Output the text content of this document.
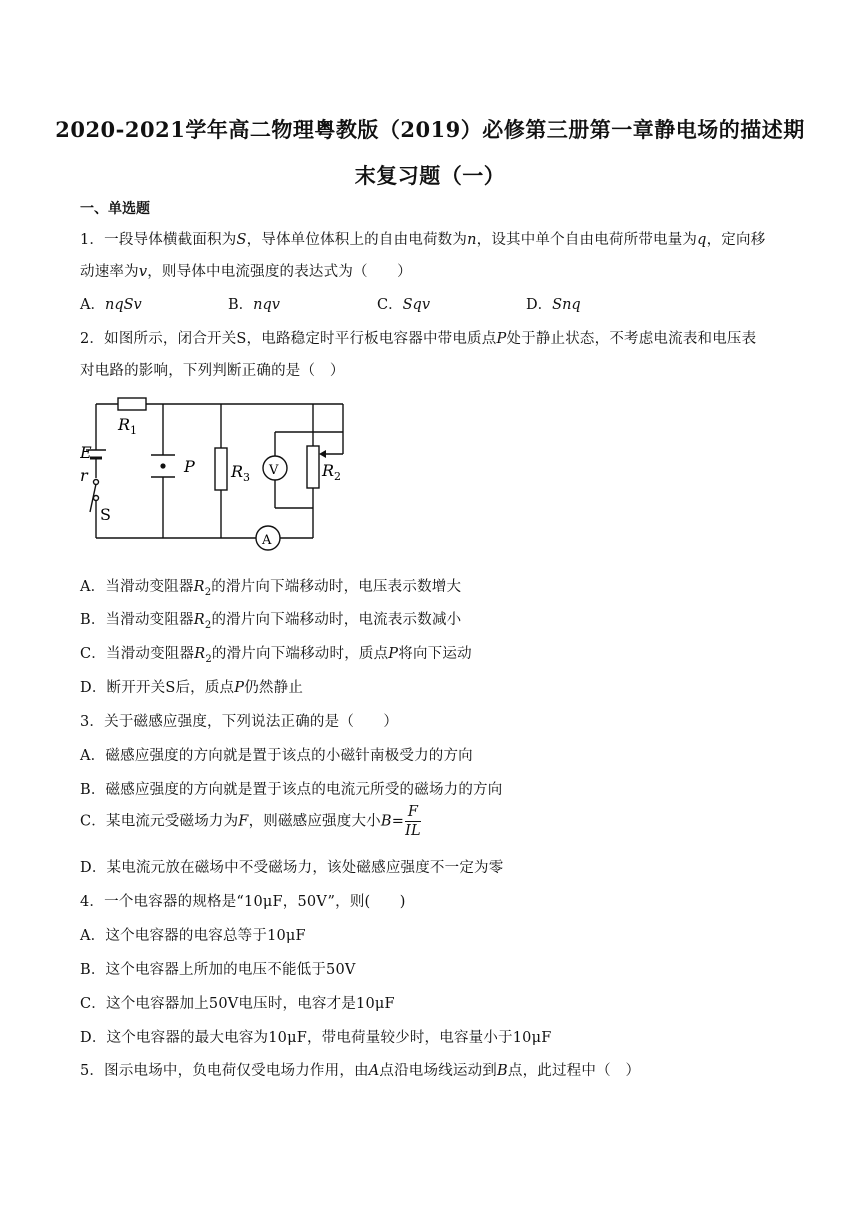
2020-2021学年高二物理粤教版（2019）必修第三册第一章静电场的描述期
末复习题（一）
一、单选题
1．一段导体横截面积为S，导体单位体积上的自由电荷数为n，设其中单个自由电荷所带电量为q，定向移
动速率为v，则导体中电流强度的表达式为（　　）
A．nqSv	B．nqv	C．Sqv	D．Snq
2．如图所示，闭合开关S，电路稳定时平行板电容器中带电质点P处于静止状态，不考虑电流表和电压表
对电路的影响，下列判断正确的是（　）
$R_1$
E
r
S
P $R_3$ V	$R_2$
A
A．当滑动变阻器$R_2$的滑片向下端移动时，电压表示数增大
B．当滑动变阻器$R_2$的滑片向下端移动时，电流表示数减小
C．当滑动变阻器$R_2$的滑片向下端移动时，质点P将向下运动
D．断开开关S后，质点P仍然静止
3．关于磁感应强度，下列说法正确的是（　　）
A．磁感应强度的方向就是置于该点的小磁针南极受力的方向
B．磁感应强度的方向就是置于该点的电流元所受的磁场力的方向
C．某电流元受磁场力为F，则磁感应强度大小$B= \frac{F}{IL}$
D．某电流元放在磁场中不受磁场力，该处磁感应强度不一定为零
4．一个电容器的规格是“10μF，50V”，则(　　)
A．这个电容器的电容总等于10μF
B．这个电容器上所加的电压不能低于50V
C．这个电容器加上50V电压时，电容才是10μF
D．这个电容器的最大电容为10μF，带电荷量较少时，电容量小于10μF
5．图示电场中，负电荷仅受电场力作用，由A点沿电场线运动到B点，此过程中（　）
